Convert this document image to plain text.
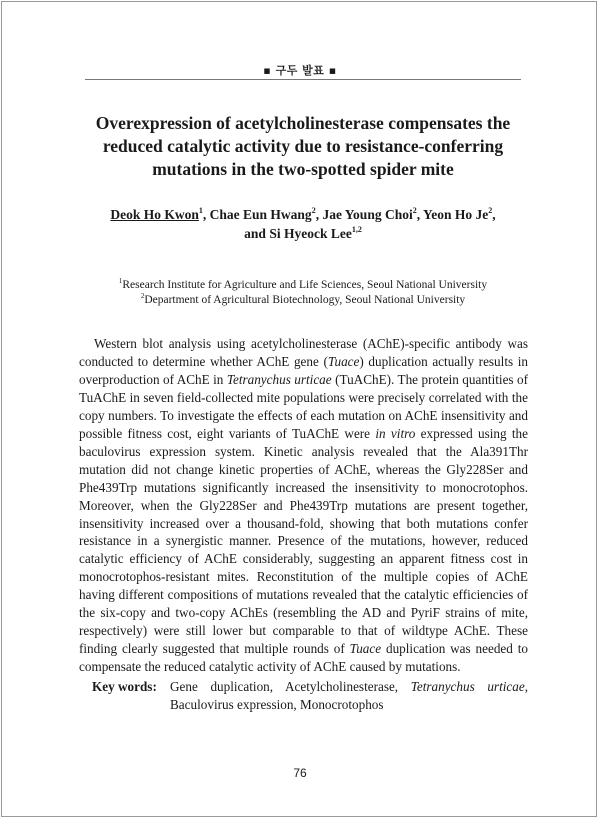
▪ 구두 발표 ▪
Overexpression of acetylcholinesterase compensates the reduced catalytic activity due to resistance-conferring mutations in the two-spotted spider mite
Deok Ho Kwon$^1$, Chae Eun Hwang$^2$, Jae Young Choi$^2$, Yeon Ho Je$^2$,
and Si Hyeock Lee$^{1,2}$
$^1$Research Institute for Agriculture and Life Sciences, Seoul National University
$^2$Department of Agricultural Biotechnology, Seoul National University
Western blot analysis using acetylcholinesterase (AChE)-specific antibody was conducted to determine whether AChE gene (Tuace) duplication actually results in overproduction of AChE in Tetranychus urticae (TuAChE). The protein quantities of TuAChE in seven field-collected mite populations were precisely correlated with the copy numbers. To investigate the effects of each mutation on AChE insensitivity and possible fitness cost, eight variants of TuAChE were in vitro expressed using the baculovirus expression system. Kinetic analysis revealed that the Ala391Thr mutation did not change kinetic properties of AChE, whereas the Gly228Ser and Phe439Trp mutations significantly increased the insensitivity to monocrotophos. Moreover, when the Gly228Ser and Phe439Trp mutations are present together, insensitivity increased over a thousand-fold, showing that both mutations confer resistance in a synergistic manner. Presence of the mutations, however, reduced catalytic efficiency of AChE considerably, suggesting an apparent fitness cost in monocrotophos-resistant mites. Reconstitution of the multiple copies of AChE having different compositions of mutations revealed that the catalytic efficiencies of the six-copy and two-copy AChEs (resembling the AD and PyriF strains of mite, respectively) were still lower but comparable to that of wildtype AChE. These finding clearly suggested that multiple rounds of Tuace duplication was needed to compensate the reduced catalytic activity of AChE caused by mutations.
Key words: Gene duplication, Acetylcholinesterase, Tetranychus urticae, Baculovirus expression, Monocrotophos
76
